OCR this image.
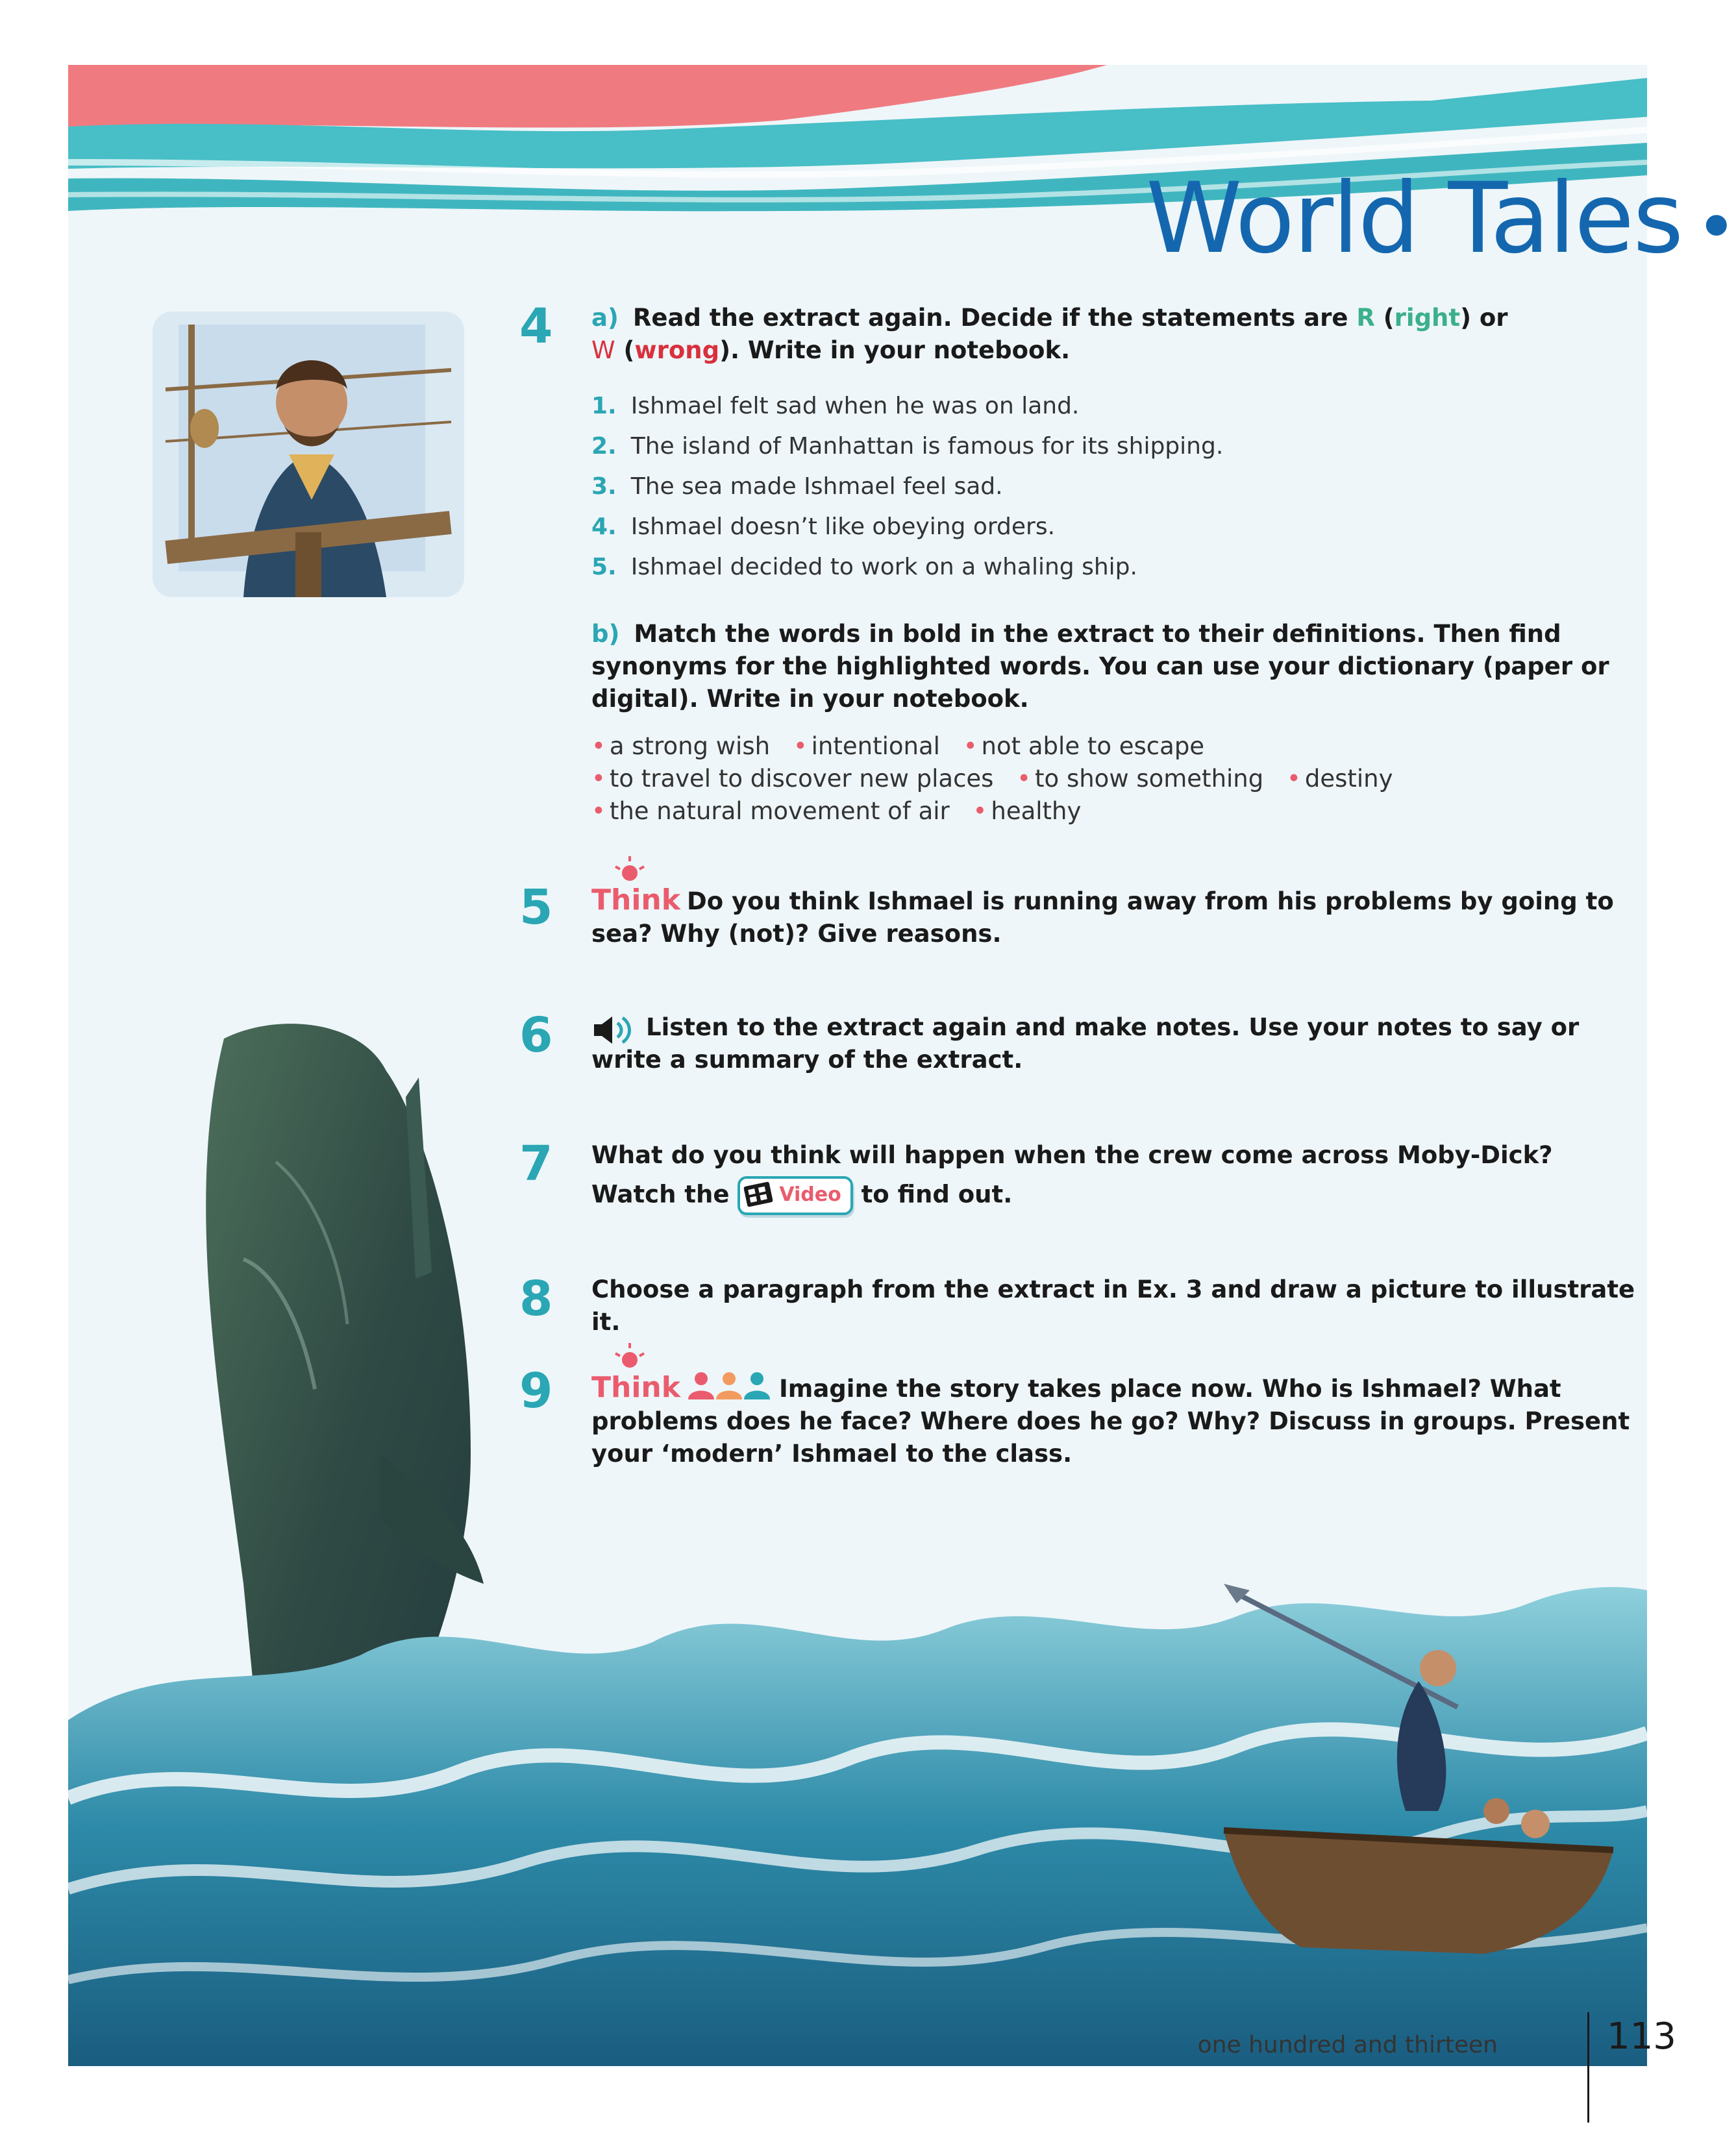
World Tales •
4 a) Read the extract again. Decide if the statements are R (right) or
W (wrong). Write in your notebook.
1. Ishmael felt sad when he was on land.
2. The island of Manhattan is famous for its shipping.
3. The sea made Ishmael feel sad.
4. Ishmael doesn’t like obeying orders.
5. Ishmael decided to work on a whaling ship.
b) Match the words in bold in the extract to their definitions. Then find
synonyms for the highlighted words. You can use your dictionary (paper or
digital). Write in your notebook.
• a strong wish • intentional • not able to escape
• to travel to discover new places • to show something • destiny
• the natural movement of air • healthy
5 Think Do you think Ishmael is running away from his problems by going to
sea? Why (not)? Give reasons.
6	Listen to the extract again and make notes. Use your notes to say or
write a summary of the extract.
7 What do you think will happen when the crew come across Moby-Dick?
Watch the	Video to find out.
8 Choose a paragraph from the extract in Ex. 3 and draw a picture to illustrate it.
9 Think	Imagine the story takes place now. Who is Ishmael? What
problems does he face? Where does he go? Why? Discuss in groups. Present
your ‘modern’ Ishmael to the class.
one hundred and thirteen	113
